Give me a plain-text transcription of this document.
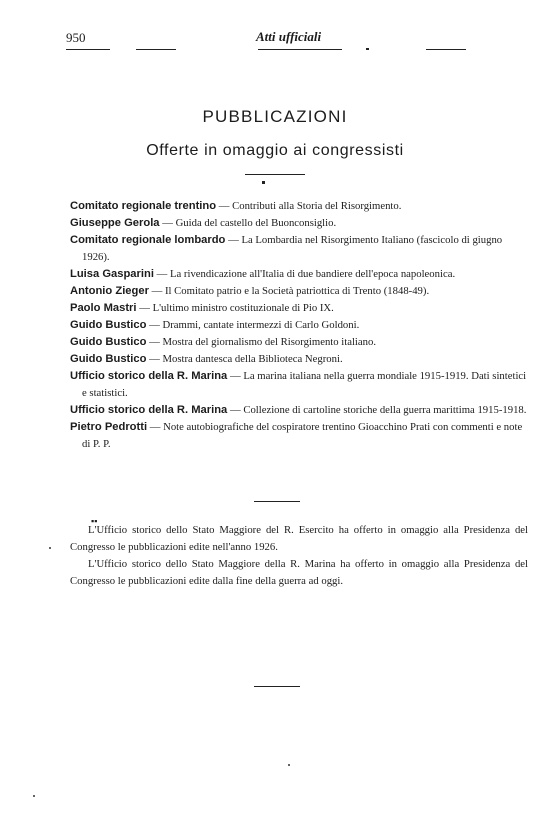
950	Atti ufficiali
PUBBLICAZIONI
Offerte in omaggio ai congressisti
Comitato regionale trentino — Contributi alla Storia del Risorgimento.
Giuseppe Gerola — Guida del castello del Buonconsiglio.
Comitato regionale lombardo — La Lombardia nel Risorgimento Italiano (fascicolo di giugno 1926).
Luisa Gasparini — La rivendicazione all'Italia di due bandiere dell'epoca napoleonica.
Antonio Zieger — Il Comitato patrio e la Società patriottica di Trento (1848-49).
Paolo Mastri — L'ultimo ministro costituzionale di Pio IX.
Guido Bustico — Drammi, cantate intermezzi di Carlo Goldoni.
Guido Bustico — Mostra del giornalismo del Risorgimento italiano.
Guido Bustico — Mostra dantesca della Biblioteca Negroni.
Ufficio storico della R. Marina — La marina italiana nella guerra mondiale 1915-1919. Dati sintetici e statistici.
Ufficio storico della R. Marina — Collezione di cartoline storiche della guerra marittima 1915-1918.
Pietro Pedrotti — Note autobiografiche del cospiratore trentino Gioacchino Prati con commenti e note di P. P.
▪▪

L'Ufficio storico dello Stato Maggiore del R. Esercito ha offerto in omaggio alla Presidenza del Congresso le pubblicazioni edite nell'anno 1926.

L'Ufficio storico dello Stato Maggiore della R. Marina ha offerto in omaggio alla Presidenza del Congresso le pubblicazioni edite dalla fine della guerra ad oggi.
